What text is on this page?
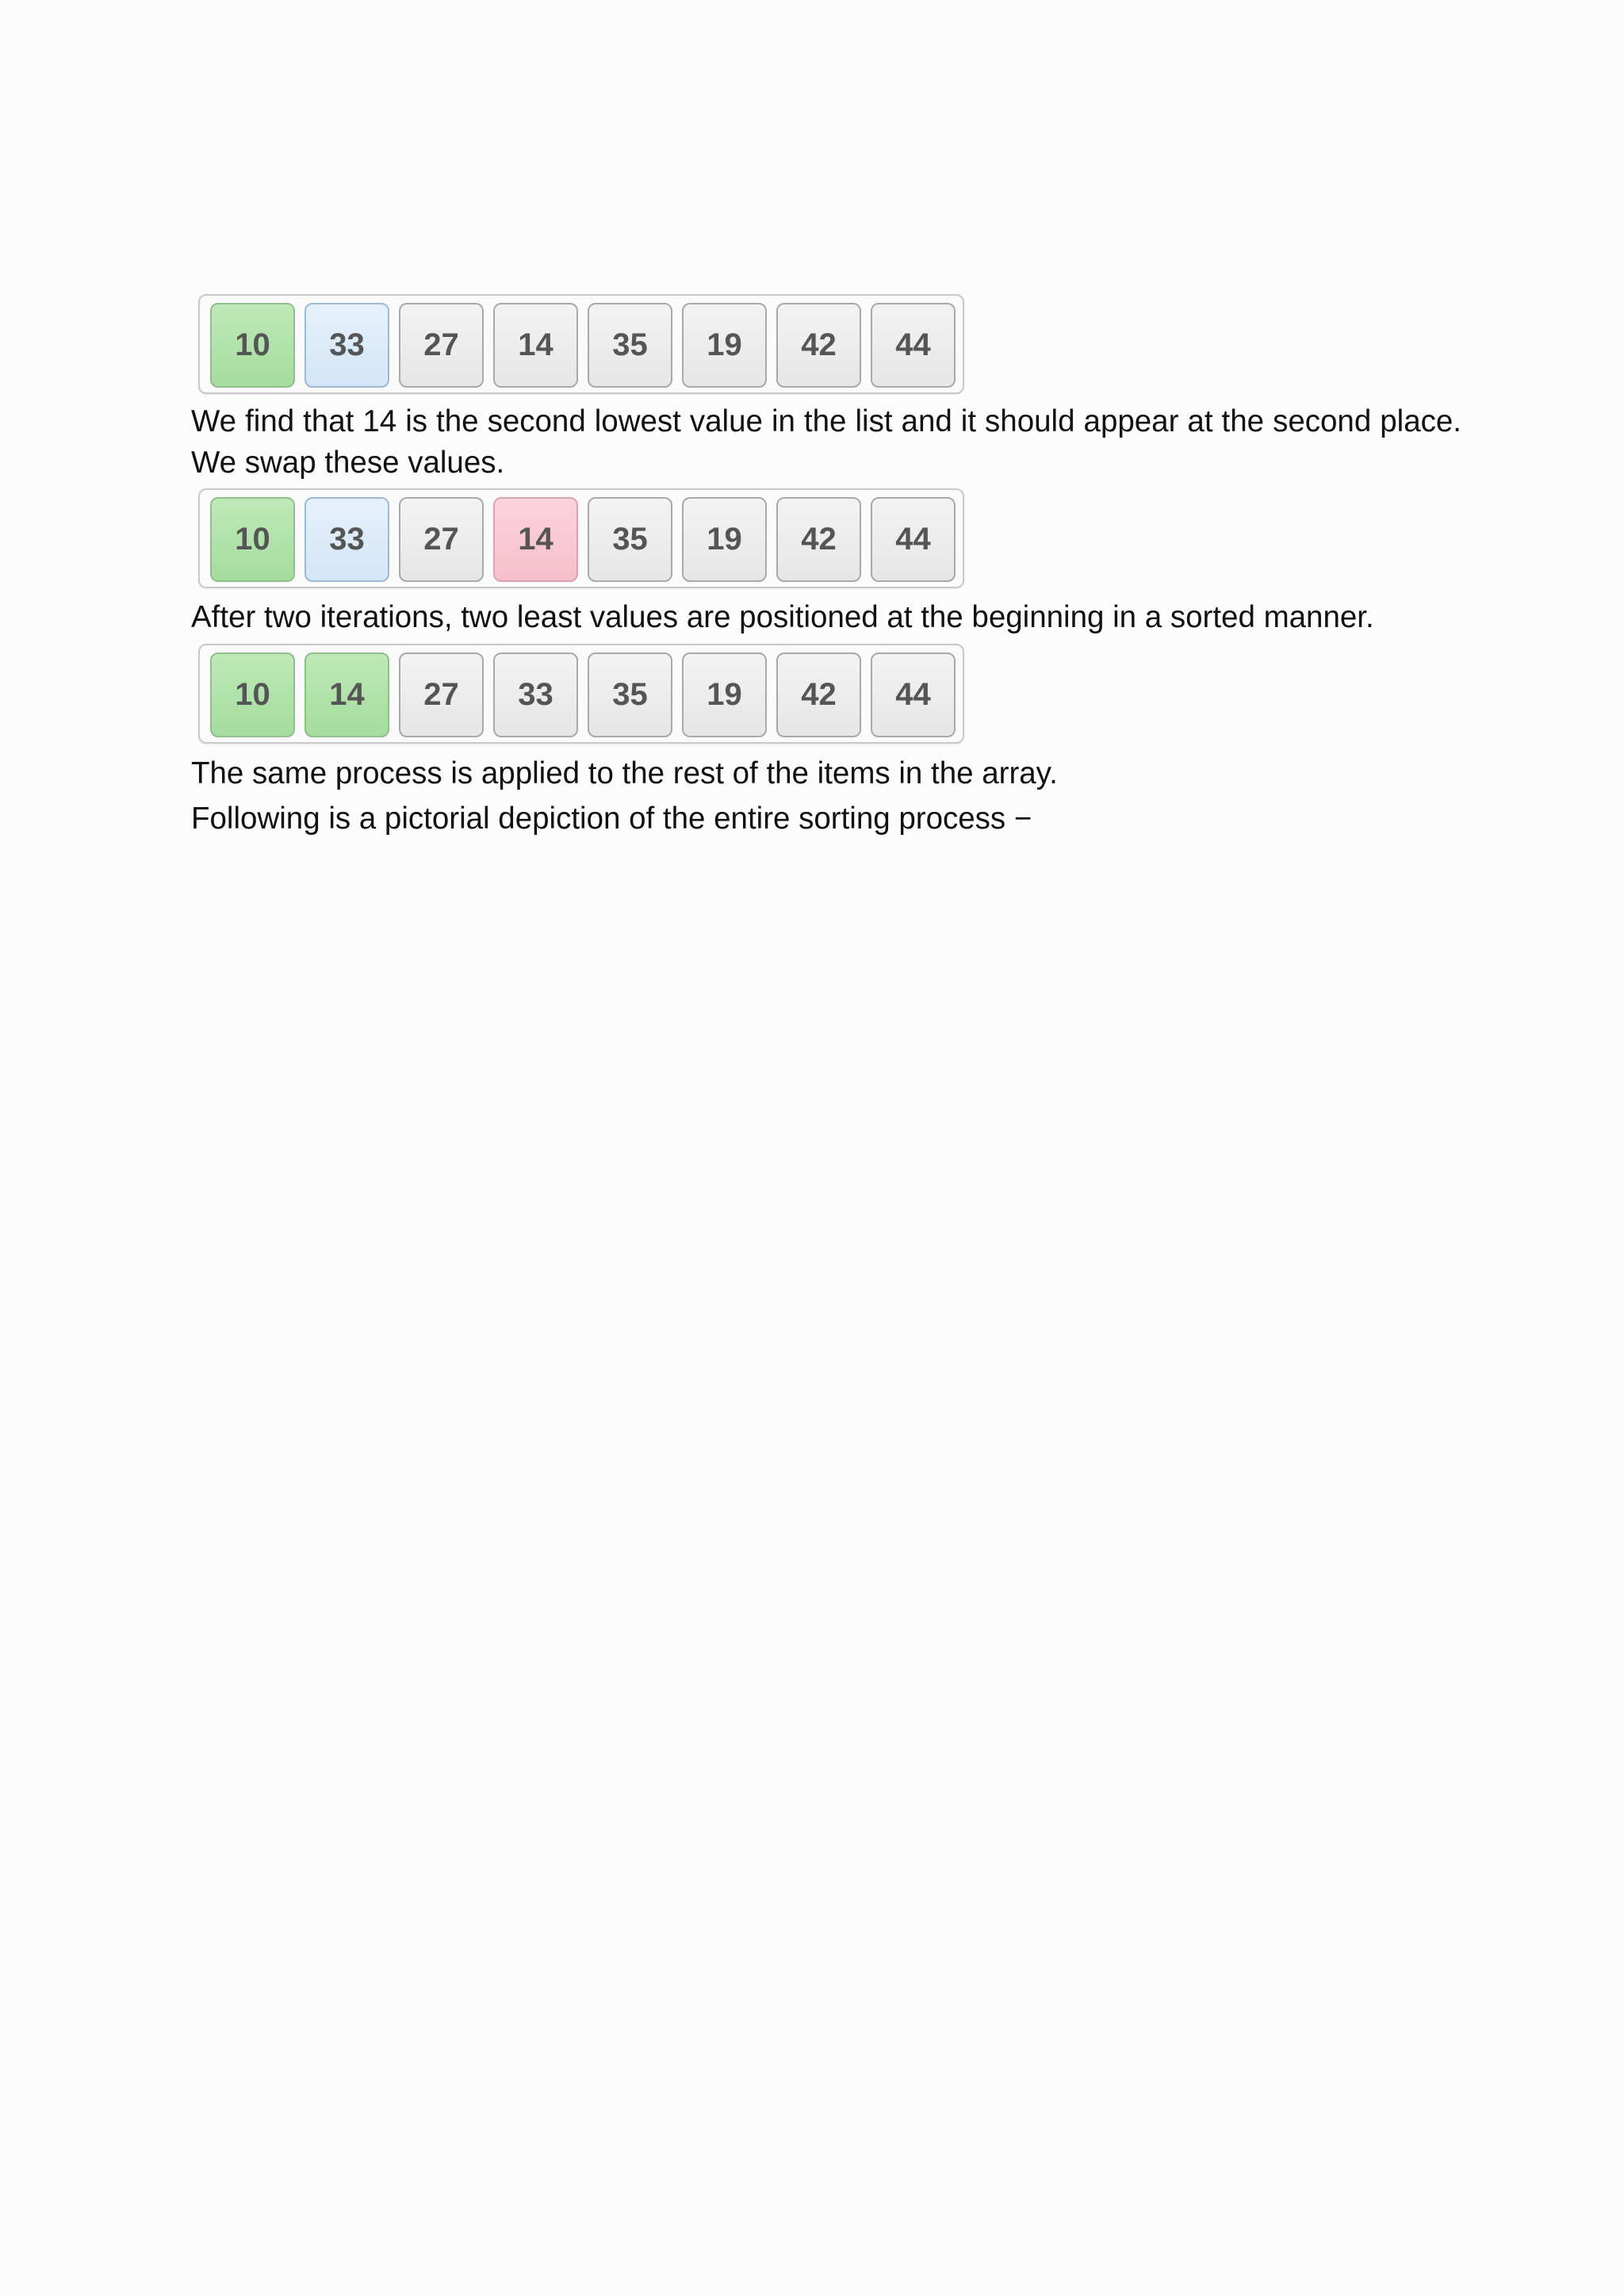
10	33	27	14	35	19	42	44

We find that 14 is the second lowest value in the list and it should appear at the second place. We swap these values.

10	33	27	14	35	19	42	44

After two iterations, two least values are positioned at the beginning in a sorted manner.

10	14	27	33	35	19	42	44

The same process is applied to the rest of the items in the array.

Following is a pictorial depiction of the entire sorting process −
